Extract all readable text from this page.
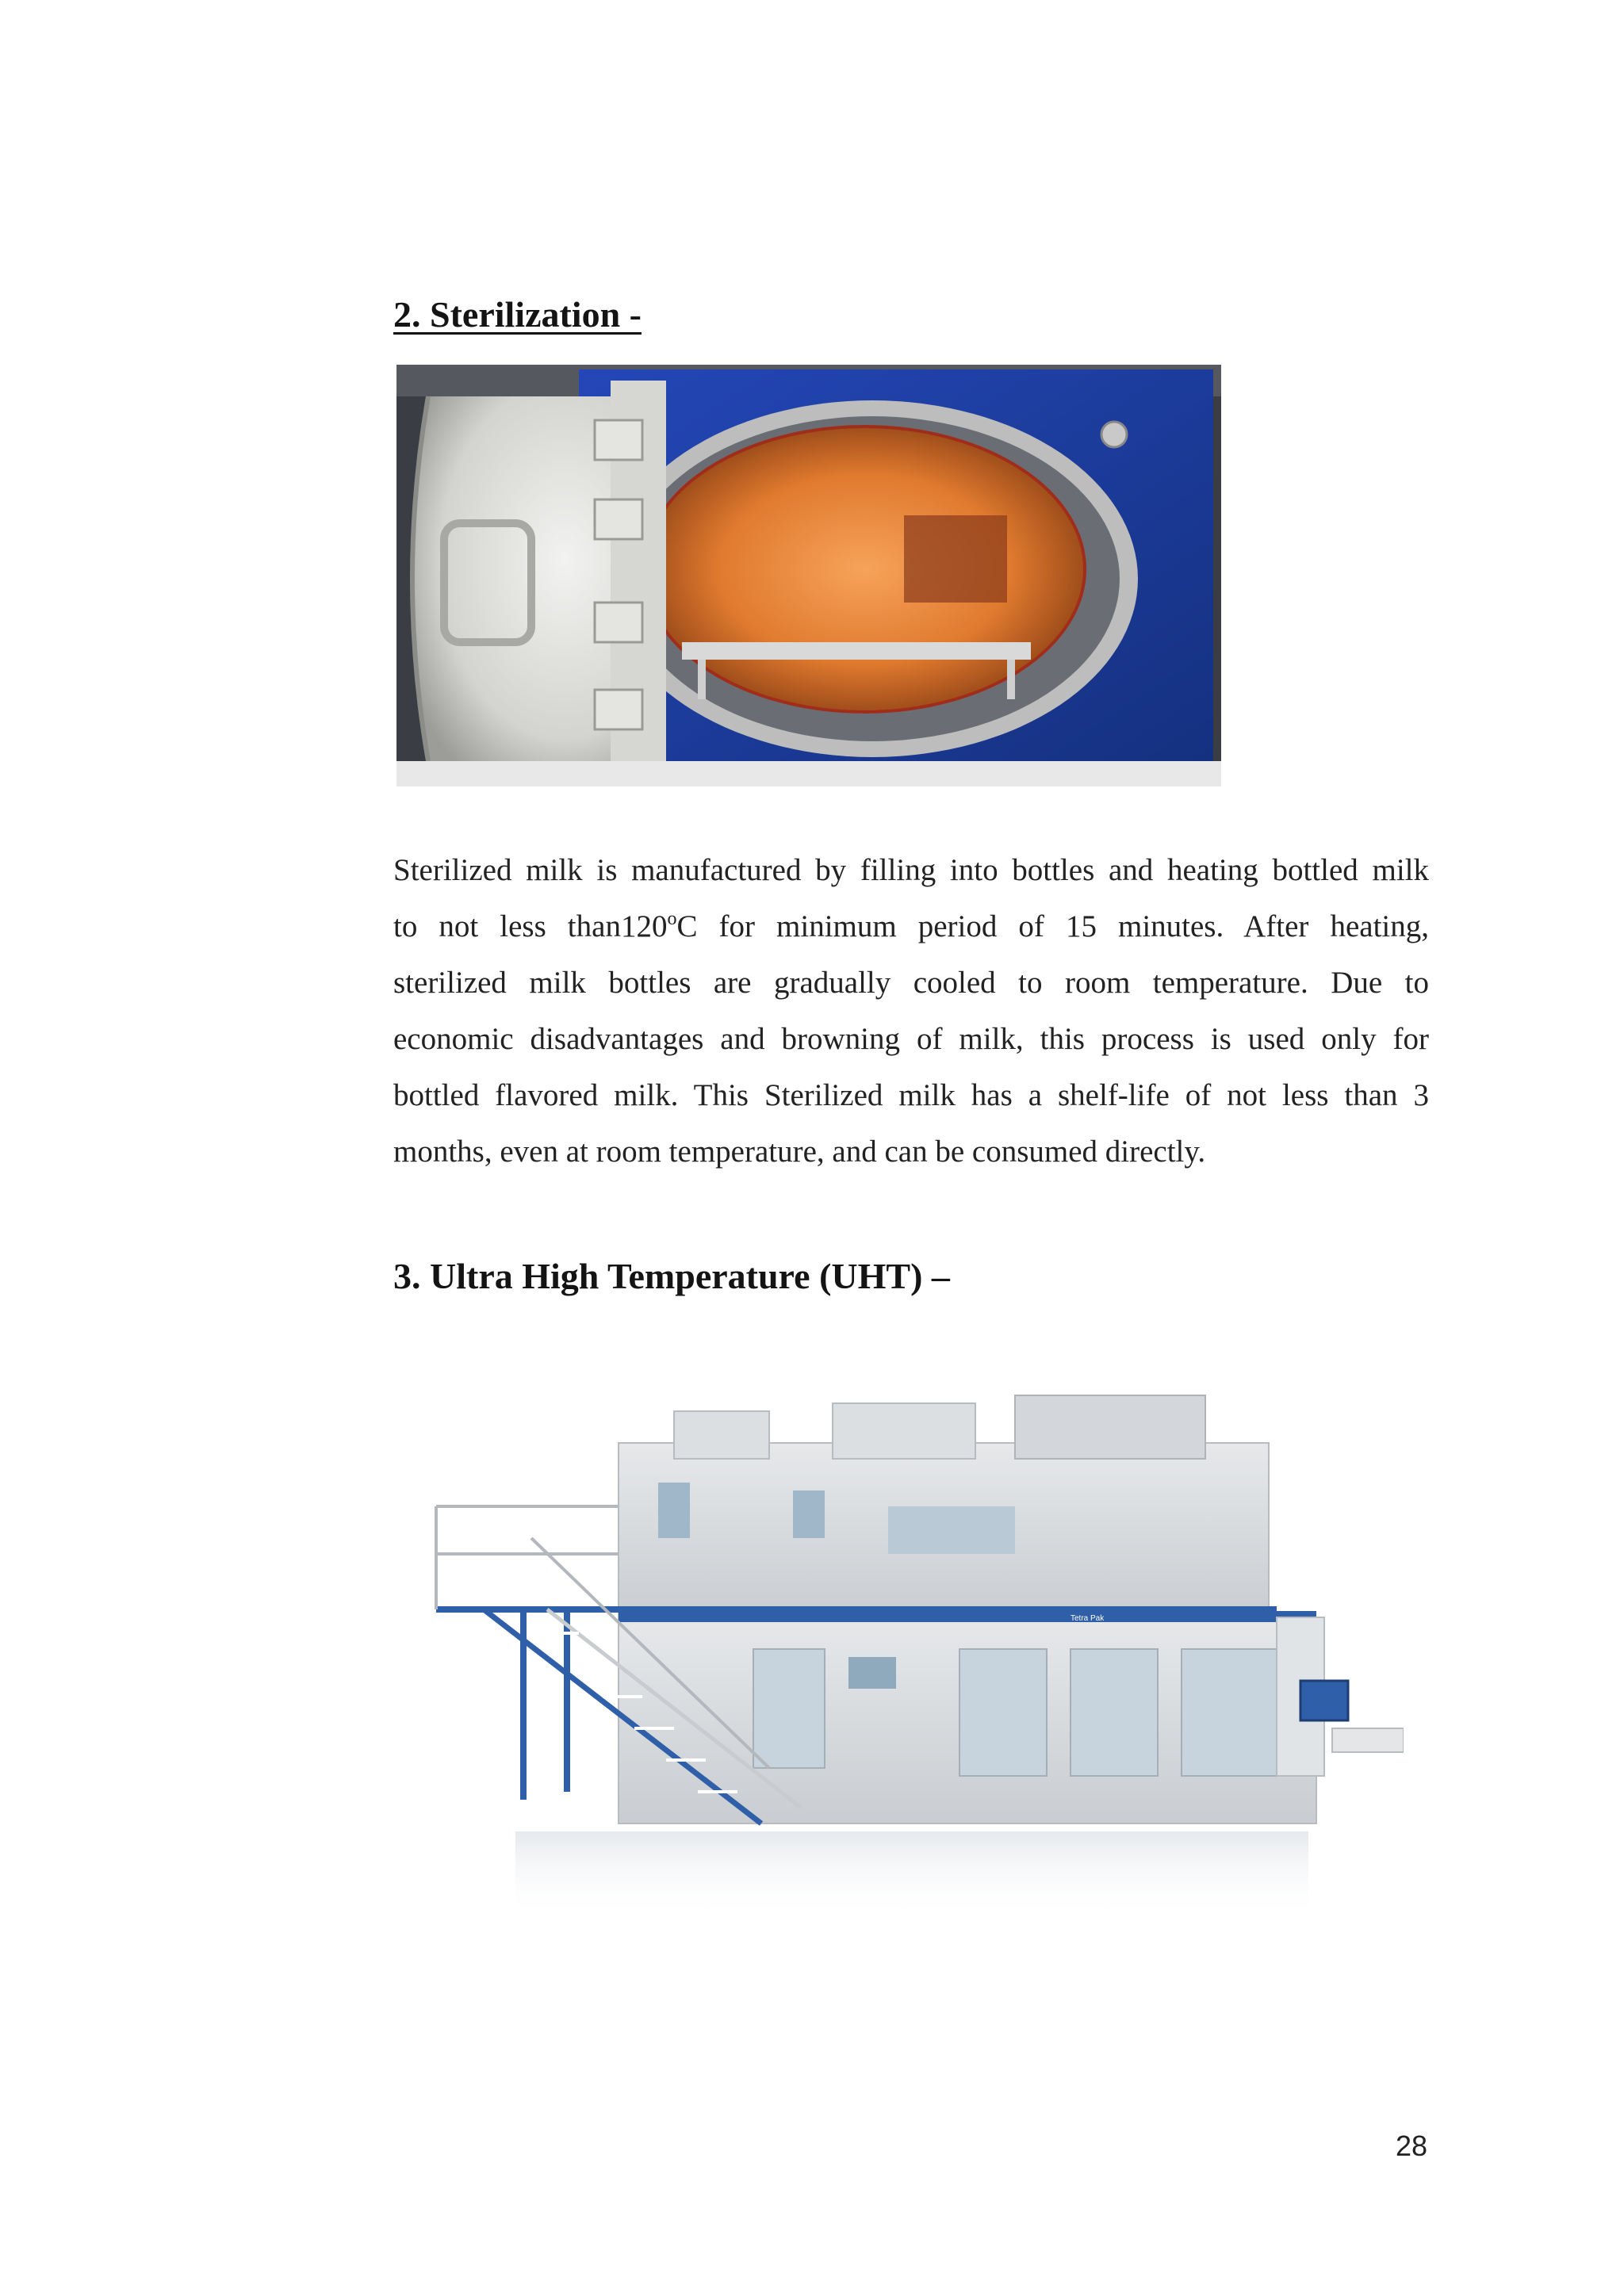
2. Sterilization -

Sterilized milk is manufactured by filling into bottles and heating bottled milk
to not less than120$^o$C for minimum period of 15 minutes. After heating,
sterilized milk bottles are gradually cooled to room temperature. Due to
economic disadvantages and browning of milk, this process is used only for
bottled flavored milk. This Sterilized milk has a shelf-life of not less than 3
months, even at room temperature, and can be consumed directly.

3. Ultra High Temperature (UHT) –
Tetra Pak
28
